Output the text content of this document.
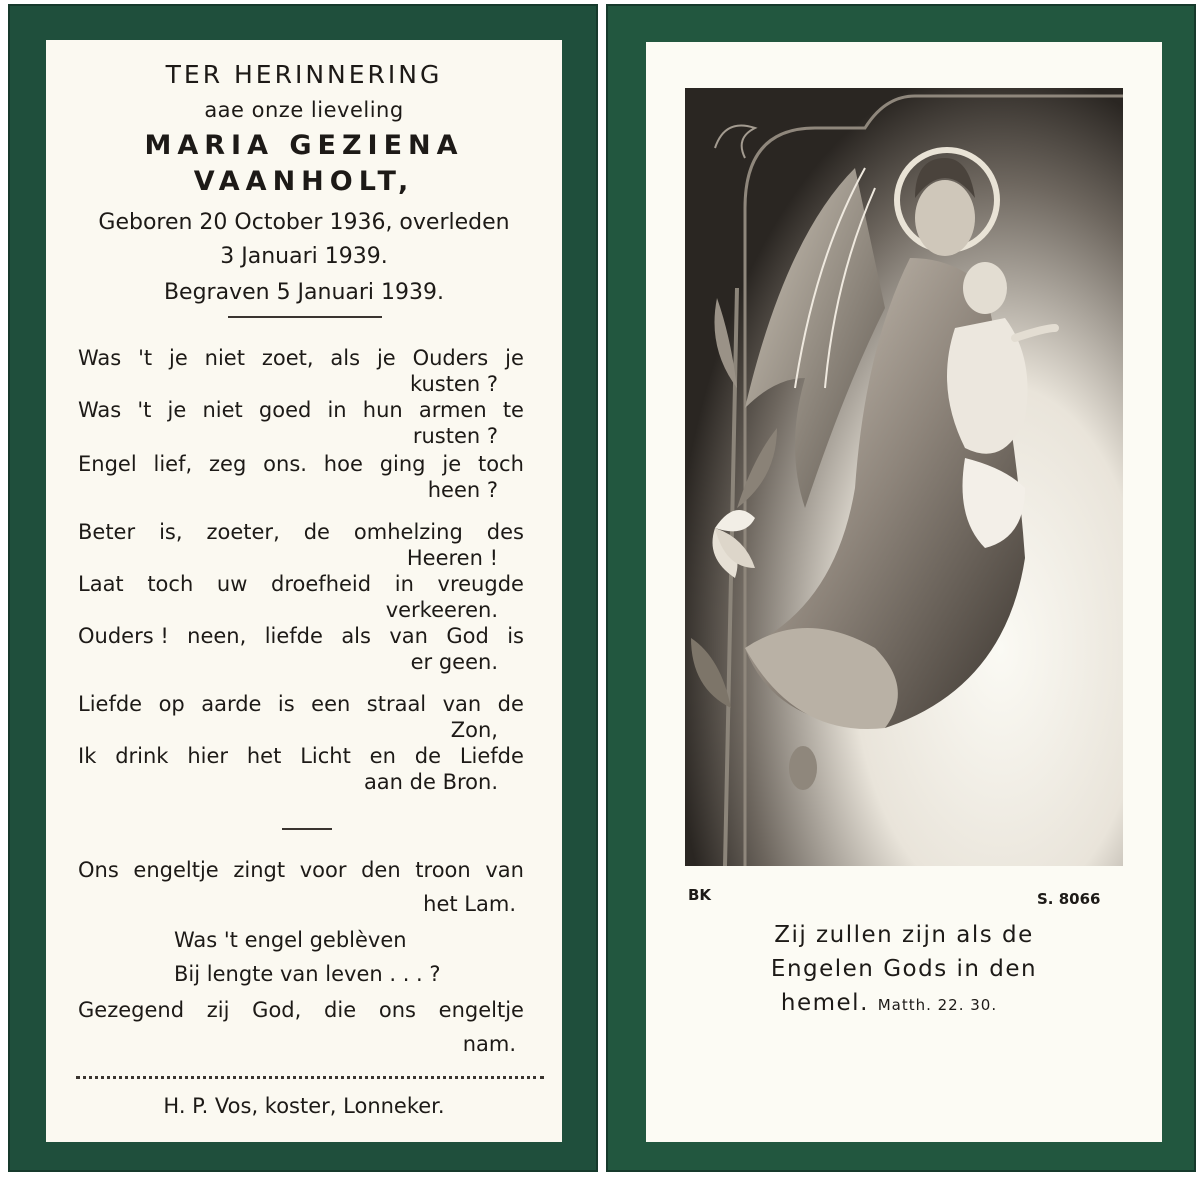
TER HERINNERING
aae onze lieveling
MARIA GEZIENA
VAANHOLT,
Geboren 20 October 1936, overleden
3 Januari 1939.
Begraven 5 Januari 1939.
Was 't je niet zoet, als je Ouders je
kusten ?
Was 't je niet goed in hun armen te
rusten ?
Engel lief, zeg ons. hoe ging je toch
heen ?
Beter is, zoeter, de omhelzing des
Heeren !
Laat toch uw droefheid in vreugde
verkeeren.
Ouders ! neen, liefde als van God is
er geen.
Liefde op aarde is een straal van de
Zon,
Ik drink hier het Licht en de Liefde
aan de Bron.
Ons engeltje zingt voor den troon van
het Lam.
Was 't engel geblèven
Bij lengte van leven . . . ?
Gezegend zij God, die ons engeltje
nam.
H. P. Vos, koster, Lonneker.
BK	S. 8066
Zij zullen zijn als de
Engelen Gods in den
hemel. Matth. 22. 30.
